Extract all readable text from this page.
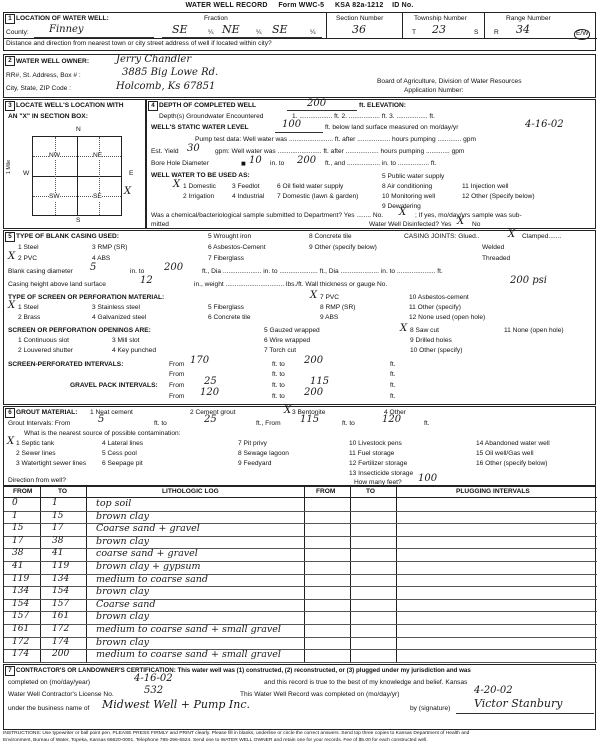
WATER WELL RECORD Form WWC-5 KSA 82a-1212 ID No.
1 LOCATION OF WATER WELL:	Fraction	Section Number	Township Number	Range Number
County: Finney	SE	¼ NE ¼ SE	¼	36	T 23	S R 34	E/W
Distance and direction from nearest town or city street address of well if located within city?
2 WATER WELL OWNER:
RR#, St. Address, Box # :
City, State, ZIP Code :
Jerry Chandler
3885 Big Lowe Rd.
Holcomb, Ks 67851	Board of Agriculture, Division of Water Resources
Application Number:
3 LOCATE WELL'S LOCATION WITH
AN "X" IN SECTION BOX:
N
S
W	E
1 Mile
NW	NE
SW	SE X
4 DEPTH OF COMPLETED WELL	200	ft. ELEVATION:
Depth(s) Groundwater Encountered	1. .................. ft. 2. ................. ft. 3. ................. ft.
WELL'S STATIC WATER LEVEL	100	ft. below land surface measured on mo/day/yr	4-16-02
Pump test data: Well water was ........................ ft. after .................. hours pumping ............. gpm
Est. Yield 30 gpm: Well water was ........................ ft. after .................. hours pumping ............. gpm
Bore Hole Diameter	■ 10 in. to 200 ft., and .................. in. to ................. ft.
WELL WATER TO BE USED AS:
1 Domestic
X	3 Feedlot	6 Oil field water supply	8 Air conditioning	11 Injection well
2 Irrigation	4 Industrial 7 Domestic (lawn & garden)	10 Monitoring well
9 Dewatering
5 Public water supply
12 Other (Specify below)
Was a chemical/bacteriological sample submitted to Department? Yes ........ No. X ; If yes, mo/day/yrs sample was sub-
mitted	Water Well Disinfected? Yes X No
5 TYPE OF BLANK CASING USED:	CASING JOINTS: Glued..	X Clamped.......
1 Steel
2 PVC
X
3 RMP (SR)
4 ABS
5 Wrought iron
6 Asbestos-Cement
7 Fiberglass
8 Concrete tile
9 Other (specify below)	Welded
Threaded
Blank casing diameter 5	in. to 200	ft., Dia ..................... in. to ..................... ft., Dia ..................... in. to ..................... ft.
Casing height above land surface	12	in., weight ................................ lbs./ft. Wall thickness or gauge No.	200 psi
TYPE OF SCREEN OR PERFORATION MATERIAL:
1 Steel
X
2 Brass
3 Stainless steel
4 Galvanized steel
5 Fiberglass
6 Concrete tile
7 PVC
X
8 RMP (SR)
9 ABS
10 Asbestos-cement
11 Other (specify)
12 None used (open hole)
SCREEN OR PERFORATION OPENINGS ARE:
1 Continuous slot
2 Louvered shutter
3 Mill slot
4 Key punched
5 Gauzed wrapped
6 Wire wrapped
7 Torch cut
8 Saw cut
X
9 Drilled holes
10 Other (specify)
11 None (open hole)
SCREEN-PERFORATED INTERVALS:	From 170	ft. to 200	ft.
From	ft. to	ft.
GRAVEL PACK INTERVALS: From 25	ft. to	115	ft.
From 120	ft. to 200	ft.
6 GROUT MATERIAL: 1 Neat cement	2 Cement grout	3 Bentonite
X	4 Other
Grout Intervals: From	5	ft. to	25	ft., From 115	ft. to	120	ft.
What is the nearest source of possible contamination:
X 1 Septic tank
2 Sewer lines
3 Watertight sewer lines
4 Lateral lines
5 Cess pool
6 Seepage pit
7 Pit privy
8 Sewage lagoon
9 Feedyard
10 Livestock pens
11 Fuel storage
12 Fertilizer storage
13 Insecticide storage
14 Abandoned water well
15 Oil well/Gas well
16 Other (specify below)
Direction from well?	How many feet? 100
FROM	TO	LITHOLOGIC LOG	FROM	TO	PLUGGING INTERVALS
0	1	top soil
1	15	brown clay
15	17	Coarse sand + gravel
17	38	brown clay
38	41	coarse sand + gravel
41	119	brown clay + gypsum
119	134	medium to coarse sand
134	154	brown clay
154	157	Coarse sand
157	161	brown clay
161	172	medium to coarse sand + small gravel
172	174	brown clay
174	200	medium to coarse sand + small gravel
7 CONTRACTOR'S OR LANDOWNER'S CERTIFICATION: This water well was (1) constructed, (2) reconstructed, or (3) plugged under my jurisdiction and was
completed on (mo/day/year)	4-16-02	and this record is true to the best of my knowledge and belief. Kansas
Water Well Contractor's License No.	532	This Water Well Record was completed on (mo/day/yr)	4-20-02
under the business name of Midwest Well + Pump Inc.	by (signature) Victor Stanbury
INSTRUCTIONS: Use typewriter or ball point pen. PLEASE PRESS FIRMLY and PRINT clearly. Please fill in blanks, underline or circle the correct answers. Send top three copies to Kansas Department of Health and
Environment, Bureau of Water, Topeka, Kansas 66620-0001. Telephone 785-296-5524. Send one to WATER WELL OWNER and retain one for your records. Fee of $5.00 for each constructed well.
